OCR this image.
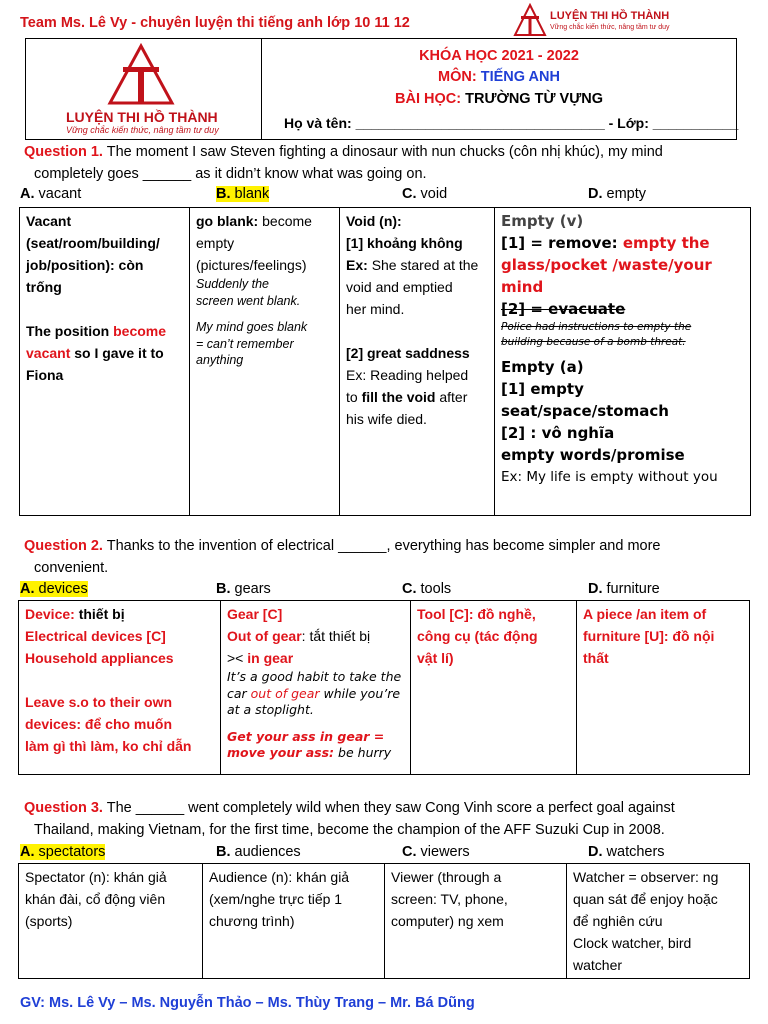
Team Ms. Lê Vy - chuyên luyện thi tiếng anh lớp 10 11 12	LUYỆN THI HỒ THÀNH
Vững chắc kiến thức, nâng tầm tư duy
LUYỆN THI HỒ THÀNH
Vững chắc kiến thức, nâng tầm tư duy
KHÓA HỌC 2021 - 2022
MÔN: TIẾNG ANH
BÀI HỌC: TRƯỜNG TỪ VỰNG
Họ và tên: ________________________________ - Lớp: ___________
Question 1. The moment I saw Steven fighting a dinosaur with nun chucks (côn nhị khúc), my mind
completely goes ______ as it didn’t know what was going on.
A. vacant	B. blank	C. void	D. empty
Vacant
(seat/room/building/
job/position): còn
trống
The position become
vacant so I gave it to
Fiona

go blank: become
empty
(pictures/feelings)
Suddenly the
screen went blank.
My mind goes blank
= can’t remember
anything

Void (n):
[1] khoảng không
Ex: She stared at the
void and emptied
her mind.
[2] great saddness
Ex: Reading helped
to fill the void after
his wife died.

Empty (v)
[1] = remove: empty the
glass/pocket /waste/your
mind
[2] = evacuate
Police had instructions to empty the
building because of a bomb threat.
Empty (a)
[1] empty
seat/space/stomach
[2] : vô nghĩa
empty words/promise
Ex: My life is empty without you
Question 2. Thanks to the invention of electrical ______, everything has become simpler and more
convenient.
A. devices	B. gears	C. tools	D. furniture
Device: thiết bị
Electrical devices [C]
Household appliances
Leave s.o to their own
devices: để cho muốn
làm gì thì làm, ko chỉ dẫn

Gear [C]
Out of gear: tắt thiết bị
>< in gear
It’s a good habit to take the
car out of gear while you’re
at a stoplight.
Get your ass in gear =
move your ass: be hurry

Tool [C]: đồ nghề,
công cụ (tác động
vật lí)

A piece /an item of
furniture [U]: đồ nội
thất
Question 3. The ______ went completely wild when they saw Cong Vinh score a perfect goal against
Thailand, making Vietnam, for the first time, become the champion of the AFF Suzuki Cup in 2008.
A. spectators	B. audiences	C. viewers	D. watchers
Spectator (n): khán giả
khán đài, cổ động viên
(sports)

Audience (n): khán giả
(xem/nghe trực tiếp 1
chương trình)

Viewer (through a
screen: TV, phone,
computer) ng xem

Watcher = observer: ng
quan sát để enjoy hoặc
để nghiên cứu
Clock watcher, bird
watcher
GV: Ms. Lê Vy – Ms. Nguyễn Thảo – Ms. Thùy Trang – Mr. Bá Dũng
